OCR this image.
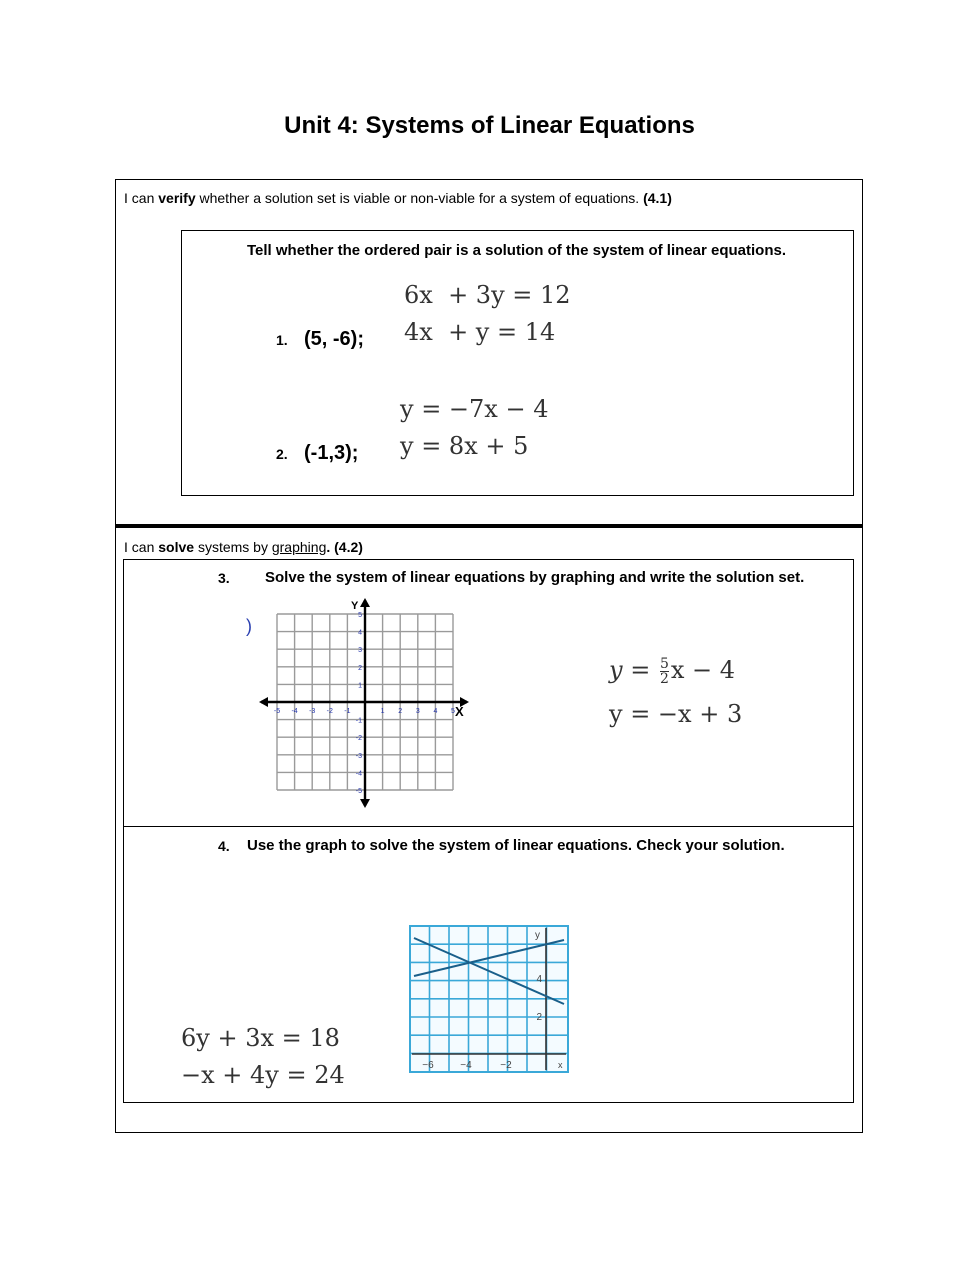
Unit 4: Systems of Linear Equations
I can verify whether a solution set is viable or non-viable for a system of equations. (4.1)
Tell whether the ordered pair is a solution of the system of linear equations.
6x  + 3y = 12
4x  + y = 14
1. (5, -6);
y = −7x − 4
y = 8x + 5
2. (-1,3);
I can solve systems by graphing. (4.2)
3. Solve the system of linear equations by graphing and write the solution set.
)
X
Y
-5 -4 -3 -2 -1	1 2 3 4 5
5
4
3
2
1
-1
-2
-3
-4
-5
$y = \frac{5}{2}$ x − 4
y = −x + 3
4. Use the graph to solve the system of linear equations. Check your solution.
y
x
4
2
−6	−4	−2
6y + 3x = 18
−x + 4y = 24
